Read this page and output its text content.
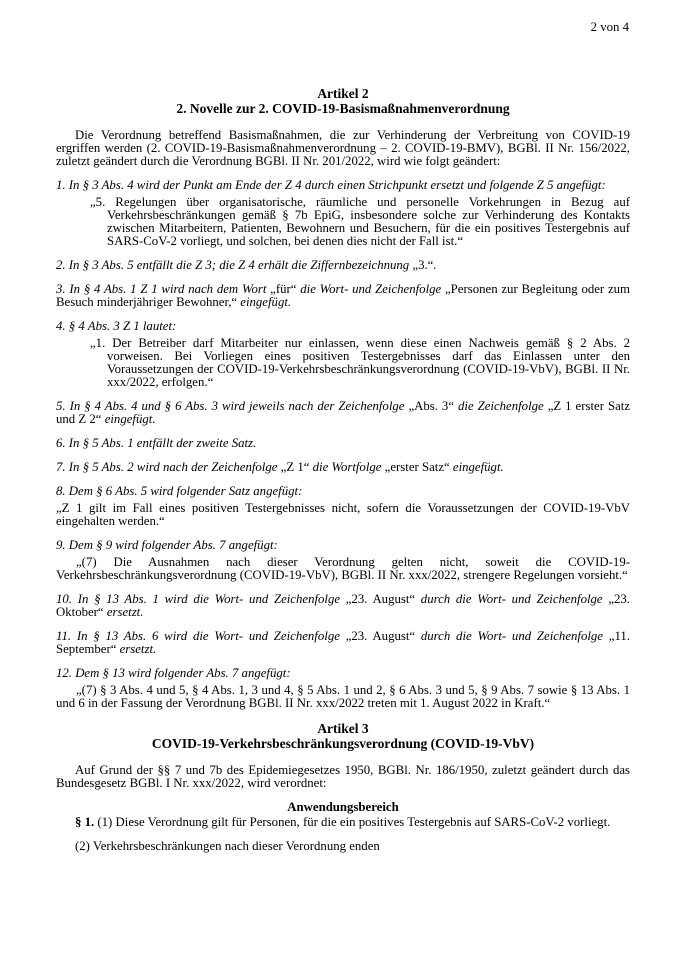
2 von 4
Artikel 2
2. Novelle zur 2. COVID-19-Basismaßnahmenverordnung
Die Verordnung betreffend Basismaßnahmen, die zur Verhinderung der Verbreitung von COVID-19 ergriffen werden (2. COVID-19-Basismaßnahmenverordnung – 2. COVID-19-BMV), BGBl. II Nr. 156/2022, zuletzt geändert durch die Verordnung BGBl. II Nr. 201/2022, wird wie folgt geändert:
1. In § 3 Abs. 4 wird der Punkt am Ende der Z 4 durch einen Strichpunkt ersetzt und folgende Z 5 angefügt:
„5. Regelungen über organisatorische, räumliche und personelle Vorkehrungen in Bezug auf Verkehrsbeschränkungen gemäß § 7b EpiG, insbesondere solche zur Verhinderung des Kontakts zwischen Mitarbeitern, Patienten, Bewohnern und Besuchern, für die ein positives Testergebnis auf SARS-CoV-2 vorliegt, und solchen, bei denen dies nicht der Fall ist.“
2. In § 3 Abs. 5 entfällt die Z 3; die Z 4 erhält die Ziffernbezeichnung „3.“.
3. In § 4 Abs. 1 Z 1 wird nach dem Wort „für“ die Wort- und Zeichenfolge „Personen zur Begleitung oder zum Besuch minderjähriger Bewohner,“ eingefügt.
4. § 4 Abs. 3 Z 1 lautet:
„1. Der Betreiber darf Mitarbeiter nur einlassen, wenn diese einen Nachweis gemäß § 2 Abs. 2 vorweisen. Bei Vorliegen eines positiven Testergebnisses darf das Einlassen unter den Voraussetzungen der COVID-19-Verkehrsbeschränkungsverordnung (COVID-19-VbV), BGBl. II Nr. xxx/2022, erfolgen.“
5. In § 4 Abs. 4 und § 6 Abs. 3 wird jeweils nach der Zeichenfolge „Abs. 3“ die Zeichenfolge „Z 1 erster Satz und Z 2“ eingefügt.
6. In § 5 Abs. 1 entfällt der zweite Satz.
7. In § 5 Abs. 2 wird nach der Zeichenfolge „Z 1“ die Wortfolge „erster Satz“ eingefügt.
8. Dem § 6 Abs. 5 wird folgender Satz angefügt:
„Z 1 gilt im Fall eines positiven Testergebnisses nicht, sofern die Voraussetzungen der COVID-19-VbV eingehalten werden.“
9. Dem § 9 wird folgender Abs. 7 angefügt:
„(7) Die Ausnahmen nach dieser Verordnung gelten nicht, soweit die COVID-19-Verkehrsbeschränkungsverordnung (COVID-19-VbV), BGBl. II Nr. xxx/2022, strengere Regelungen vorsieht.“
10. In § 13 Abs. 1 wird die Wort- und Zeichenfolge „23. August“ durch die Wort- und Zeichenfolge „23. Oktober“ ersetzt.
11. In § 13 Abs. 6 wird die Wort- und Zeichenfolge „23. August“ durch die Wort- und Zeichenfolge „11. September“ ersetzt.
12. Dem § 13 wird folgender Abs. 7 angefügt:
„(7) § 3 Abs. 4 und 5, § 4 Abs. 1, 3 und 4, § 5 Abs. 1 und 2, § 6 Abs. 3 und 5, § 9 Abs. 7 sowie § 13 Abs. 1 und 6 in der Fassung der Verordnung BGBl. II Nr. xxx/2022 treten mit 1. August 2022 in Kraft.“
Artikel 3
COVID-19-Verkehrsbeschränkungsverordnung (COVID-19-VbV)
Auf Grund der §§ 7 und 7b des Epidemiegesetzes 1950, BGBl. Nr. 186/1950, zuletzt geändert durch das Bundesgesetz BGBl. I Nr. xxx/2022, wird verordnet:
Anwendungsbereich
§ 1. (1) Diese Verordnung gilt für Personen, für die ein positives Testergebnis auf SARS-CoV-2 vorliegt.
(2) Verkehrsbeschränkungen nach dieser Verordnung enden
